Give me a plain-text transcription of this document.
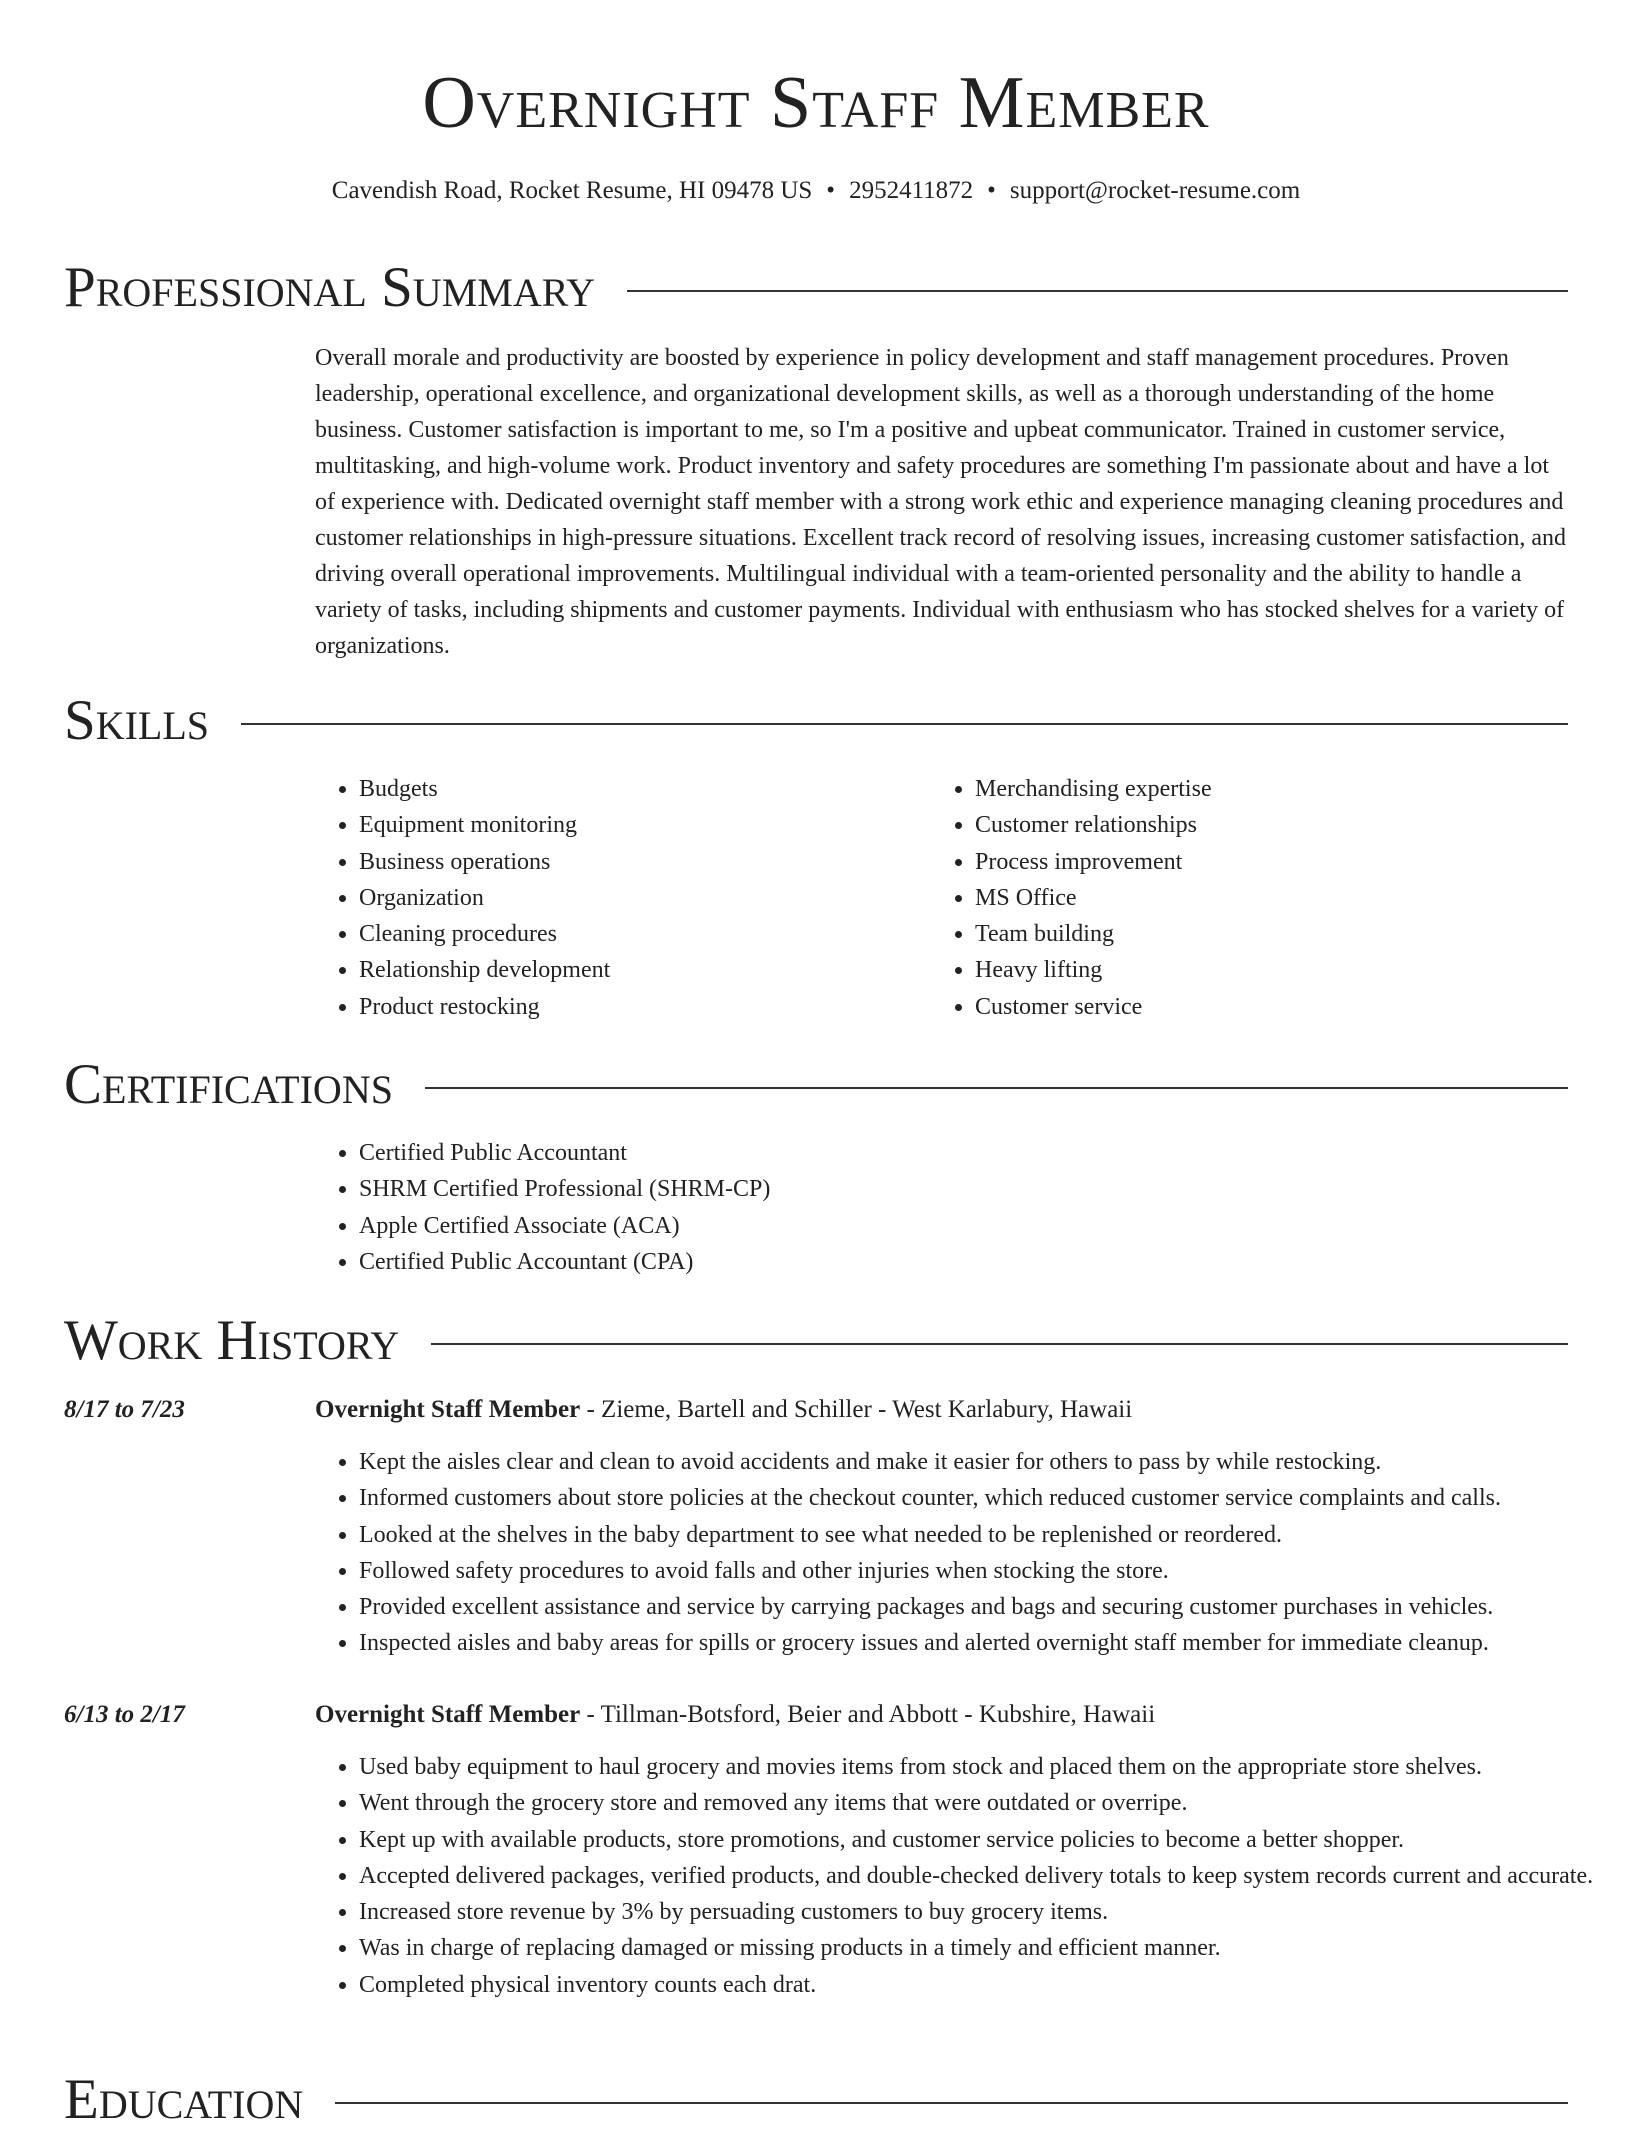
Overnight Staff Member
Cavendish Road, Rocket Resume, HI 09478 US • 2952411872 • support@rocket-resume.com
Professional Summary

Overall morale and productivity are boosted by experience in policy development and staff management procedures. Proven leadership, operational excellence, and organizational development skills, as well as a thorough understanding of the home business. Customer satisfaction is important to me, so I'm a positive and upbeat communicator. Trained in customer service, multitasking, and high-volume work. Product inventory and safety procedures are something I'm passionate about and have a lot of experience with. Dedicated overnight staff member with a strong work ethic and experience managing cleaning procedures and customer relationships in high-pressure situations. Excellent track record of resolving issues, increasing customer satisfaction, and driving overall operational improvements. Multilingual individual with a team-oriented personality and the ability to handle a variety of tasks, including shipments and customer payments. Individual with enthusiasm who has stocked shelves for a variety of organizations.

Skills
• Budgets
• Equipment monitoring
• Business operations
• Organization
• Cleaning procedures
• Relationship development
• Product restocking
• Merchandising expertise
• Customer relationships
• Process improvement
• MS Office
• Team building
• Heavy lifting
• Customer service
Certifications
• Certified Public Accountant
• SHRM Certified Professional (SHRM-CP)
• Apple Certified Associate (ACA)
• Certified Public Accountant (CPA)
Work History
8/17 to 7/23	Overnight Staff Member - Zieme, Bartell and Schiller - West Karlabury, Hawaii
• Kept the aisles clear and clean to avoid accidents and make it easier for others to pass by while restocking.
• Informed customers about store policies at the checkout counter, which reduced customer service complaints and calls.
• Looked at the shelves in the baby department to see what needed to be replenished or reordered.
• Followed safety procedures to avoid falls and other injuries when stocking the store.
• Provided excellent assistance and service by carrying packages and bags and securing customer purchases in vehicles.
• Inspected aisles and baby areas for spills or grocery issues and alerted overnight staff member for immediate cleanup.
6/13 to 2/17	Overnight Staff Member - Tillman-Botsford, Beier and Abbott - Kubshire, Hawaii
• Used baby equipment to haul grocery and movies items from stock and placed them on the appropriate store shelves.
• Went through the grocery store and removed any items that were outdated or overripe.
• Kept up with available products, store promotions, and customer service policies to become a better shopper.
• Accepted delivered packages, verified products, and double-checked delivery totals to keep system records current and accurate.
• Increased store revenue by 3% by persuading customers to buy grocery items.
• Was in charge of replacing damaged or missing products in a timely and efficient manner.
• Completed physical inventory counts each drat.
Education
